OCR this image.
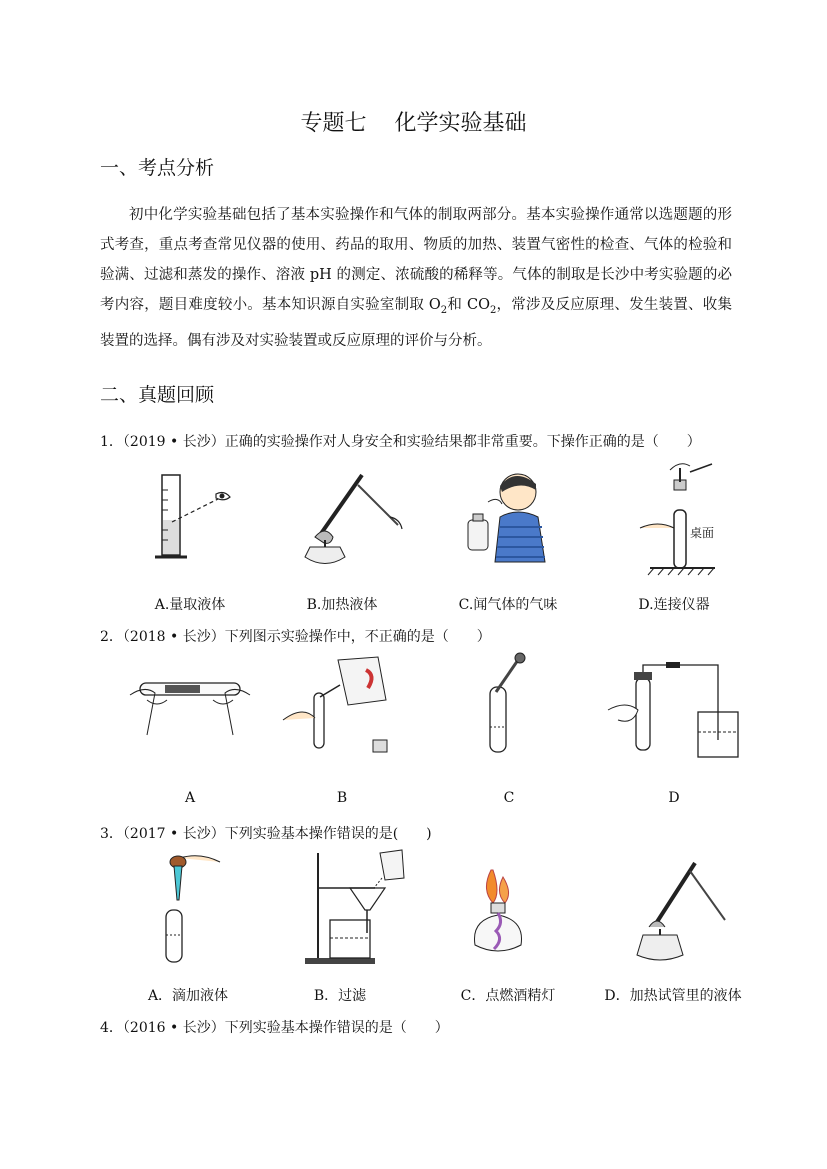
专题七 化学实验基础
一、考点分析

初中化学实验基础包括了基本实验操作和气体的制取两部分。基本实验操作通常以选题题的形式考查，重点考查常见仪器的使用、药品的取用、物质的加热、装置气密性的检查、气体的检验和验满、过滤和蒸发的操作、溶液 pH 的测定、浓硫酸的稀释等。气体的制取是长沙中考实验题的必考内容，题目难度较小。基本知识源自实验室制取 $O_2$和 $CO_2$，常涉及反应原理、发生装置、收集装置的选择。偶有涉及对实验装置或反应原理的评价与分析。

二、真题回顾
1．（2019 • 长沙）正确的实验操作对人身安全和实验结果都非常重要。下操作正确的是（　　）
桌面
A.量取液体	B.加热液体	C.闻气体的气味	D.连接仪器
2．（2018 • 长沙）下列图示实验操作中，不正确的是（　　）
A	B	C	D
3．（2017 • 长沙）下列实验基本操作错误的是(　　)
A．滴加液体	B．过滤	C．点燃酒精灯	D．加热试管里的液体
4．（2016 • 长沙）下列实验基本操作错误的是（　　）
